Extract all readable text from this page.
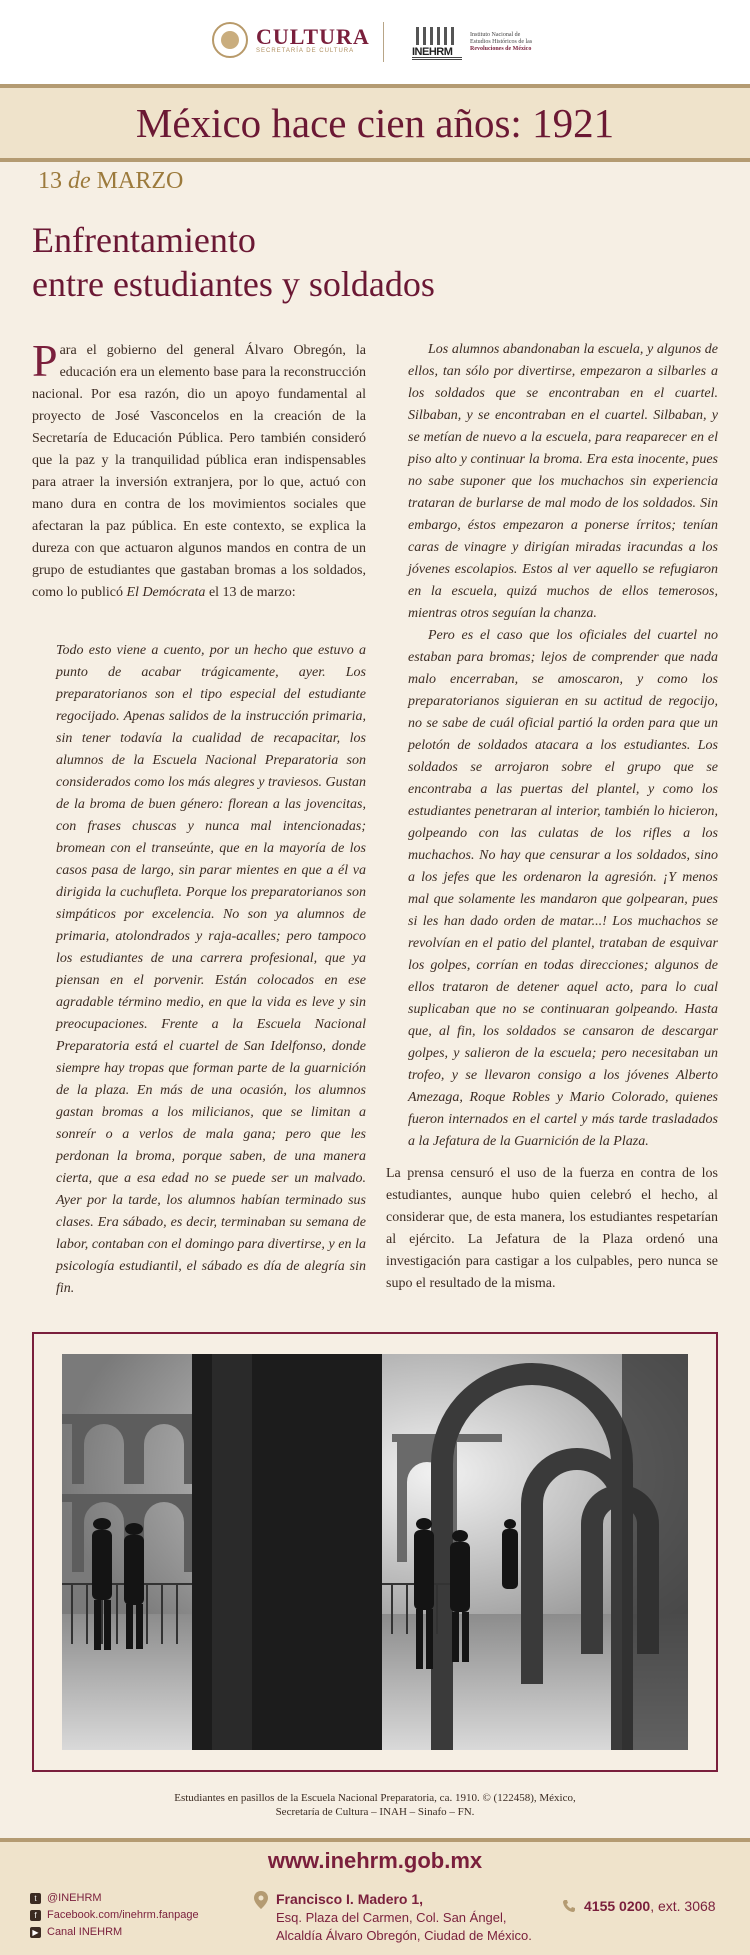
CULTURA
SECRETARÍA DE CULTURA	INEHRM
Instituto Nacional de
Estudios Históricos de las
Revoluciones de México
México hace cien años: 1921
13 de MARZO
Enfrentamiento
entre estudiantes y soldados

Para el gobierno del general Álvaro Obregón, la educación era un elemento base para la reconstrucción nacional. Por esa razón, dio un apoyo fundamental al proyecto de José Vasconcelos en la creación de la Secretaría de Educación Pública. Pero también consideró que la paz y la tranquilidad pública eran indispensables para atraer la inversión extranjera, por lo que, actuó con mano dura en contra de los movimientos sociales que afectaran la paz pública. En este contexto, se explica la dureza con que actuaron algunos mandos en contra de un grupo de estudiantes que gastaban bromas a los soldados, como lo publicó El Demócrata el 13 de marzo:

Todo esto viene a cuento, por un hecho que estuvo a punto de acabar trágicamente, ayer. Los preparatorianos son el tipo especial del estudiante regocijado. Apenas salidos de la instrucción primaria, sin tener todavía la cualidad de recapacitar, los alumnos de la Escuela Nacional Preparatoria son considerados como los más alegres y traviesos. Gustan de la broma de buen género: florean a las jovencitas, con frases chuscas y nunca mal intencionadas; bromean con el transeúnte, que en la mayoría de los casos pasa de largo, sin parar mientes en que a él va dirigida la cuchufleta. Porque los preparatorianos son simpáticos por excelencia. No son ya alumnos de primaria, atolondrados y raja-acalles; pero tampoco los estudiantes de una carrera profesional, que ya piensan en el porvenir. Están colocados en ese agradable término medio, en que la vida es leve y sin preocupaciones. Frente a la Escuela Nacional Preparatoria está el cuartel de San Idelfonso, donde siempre hay tropas que forman parte de la guarnición de la plaza. En más de una ocasión, los alumnos gastan bromas a los milicianos, que se limitan a sonreír o a verlos de mala gana; pero que les perdonan la broma, porque saben, de una manera cierta, que a esa edad no se puede ser un malvado. Ayer por la tarde, los alumnos habían terminado sus clases. Era sábado, es decir, terminaban su semana de labor, contaban con el domingo para divertirse, y en la psicología estudiantil, el sábado es día de alegría sin fin.

Los alumnos abandonaban la escuela, y algunos de ellos, tan sólo por divertirse, empezaron a silbarles a los soldados que se encontraban en el cuartel. Silbaban, y se encontraban en el cuartel. Silbaban, y se metían de nuevo a la escuela, para reaparecer en el piso alto y continuar la broma. Era esta inocente, pues no sabe suponer que los muchachos sin experiencia trataran de burlarse de mal modo de los soldados. Sin embargo, éstos empezaron a ponerse írritos; tenían caras de vinagre y dirigían miradas iracundas a los jóvenes escolapios. Estos al ver aquello se refugiaron en la escuela, quizá muchos de ellos temerosos, mientras otros seguían la chanza.

Pero es el caso que los oficiales del cuartel no estaban para bromas; lejos de comprender que nada malo encerraban, se amoscaron, y como los preparatorianos siguieran en su actitud de regocijo, no se sabe de cuál oficial partió la orden para que un pelotón de soldados atacara a los estudiantes. Los soldados se arrojaron sobre el grupo que se encontraba a las puertas del plantel, y como los estudiantes penetraran al interior, también lo hicieron, golpeando con las culatas de los rifles a los muchachos. No hay que censurar a los soldados, sino a los jefes que les ordenaron la agresión. ¡Y menos mal que solamente les mandaron que golpearan, pues si les han dado orden de matar...! Los muchachos se revolvían en el patio del plantel, trataban de esquivar los golpes, corrían en todas direcciones; algunos de ellos trataron de detener aquel acto, para lo cual suplicaban que no se continuaran golpeando. Hasta que, al fin, los soldados se cansaron de descargar golpes, y salieron de la escuela; pero necesitaban un trofeo, y se llevaron consigo a los jóvenes Alberto Amezaga, Roque Robles y Mario Colorado, quienes fueron internados en el cartel y más tarde trasladados a la Jefatura de la Guarnición de la Plaza.

La prensa censuró el uso de la fuerza en contra de los estudiantes, aunque hubo quien celebró el hecho, al considerar que, de esta manera, los estudiantes respetarían al ejército. La Jefatura de la Plaza ordenó una investigación para castigar a los culpables, pero nunca se supo el resultado de la misma.

Estudiantes en pasillos de la Escuela Nacional Preparatoria, ca. 1910. © (122458), México,
Secretaría de Cultura – INAH – Sinafo – FN.
www.inehrm.gob.mx
t @INEHRM
f Facebook.com/inehrm.fanpage
▶ Canal INEHRM
Francisco I. Madero 1,
Esq. Plaza del Carmen, Col. San Ángel,
Alcaldía Álvaro Obregón, Ciudad de México.
4155 0200 , ext. 3068
